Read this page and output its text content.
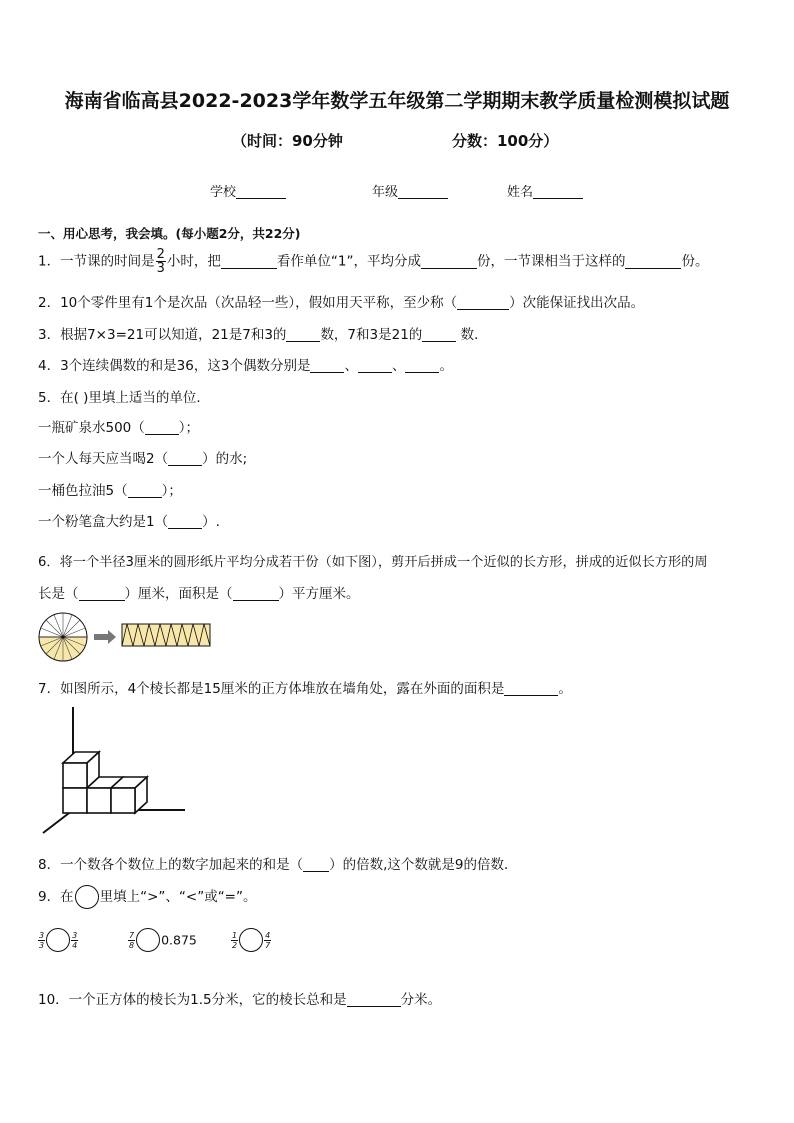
海南省临高县2022-2023学年数学五年级第二学期期末教学质量检测模拟试题
（时间：90分钟	分数：100分）
学校	年级	姓名
一、用心思考，我会填。(每小题2分，共22分)
1．一节课的时间是 $\frac{2}{3}$ 小时，把	看作单位“1”，平均分成	份，一节课相当于这样的	份。
2．10个零件里有1个是次品（次品轻一些），假如用天平称，至少称（	）次能保证找出次品。
3．根据7×3=21可以知道，21是7和3的	数，7和3是21的	数．
4．3个连续偶数的和是36，这3个偶数分别是	、	、	。
5．在( )里填上适当的单位．
一瓶矿泉水500（	）；
一个人每天应当喝2（	）的水;
一桶色拉油5（	）；
一个粉笔盒大约是1（	）.
6．将一个半径3厘米的圆形纸片平均分成若干份（如下图），剪开后拼成一个近似的长方形，拼成的近似长方形的周
长是（	）厘米，面积是（	）平方厘米。
7．如图所示，4个棱长都是15厘米的正方体堆放在墙角处，露在外面的面积是	。
8．一个数各个数位上的数字加起来的和是（ ）的倍数,这个数就是9的倍数．
9．在 里填上“>”、“<”或“=”。
$\frac{3}{3}$	$\frac{3}{4}$	$\frac{7}{8} 0.875$	$\frac{1}{2}$	$\frac{4}{7}$
10．一个正方体的棱长为1.5分米，它的棱长总和是	分米。
